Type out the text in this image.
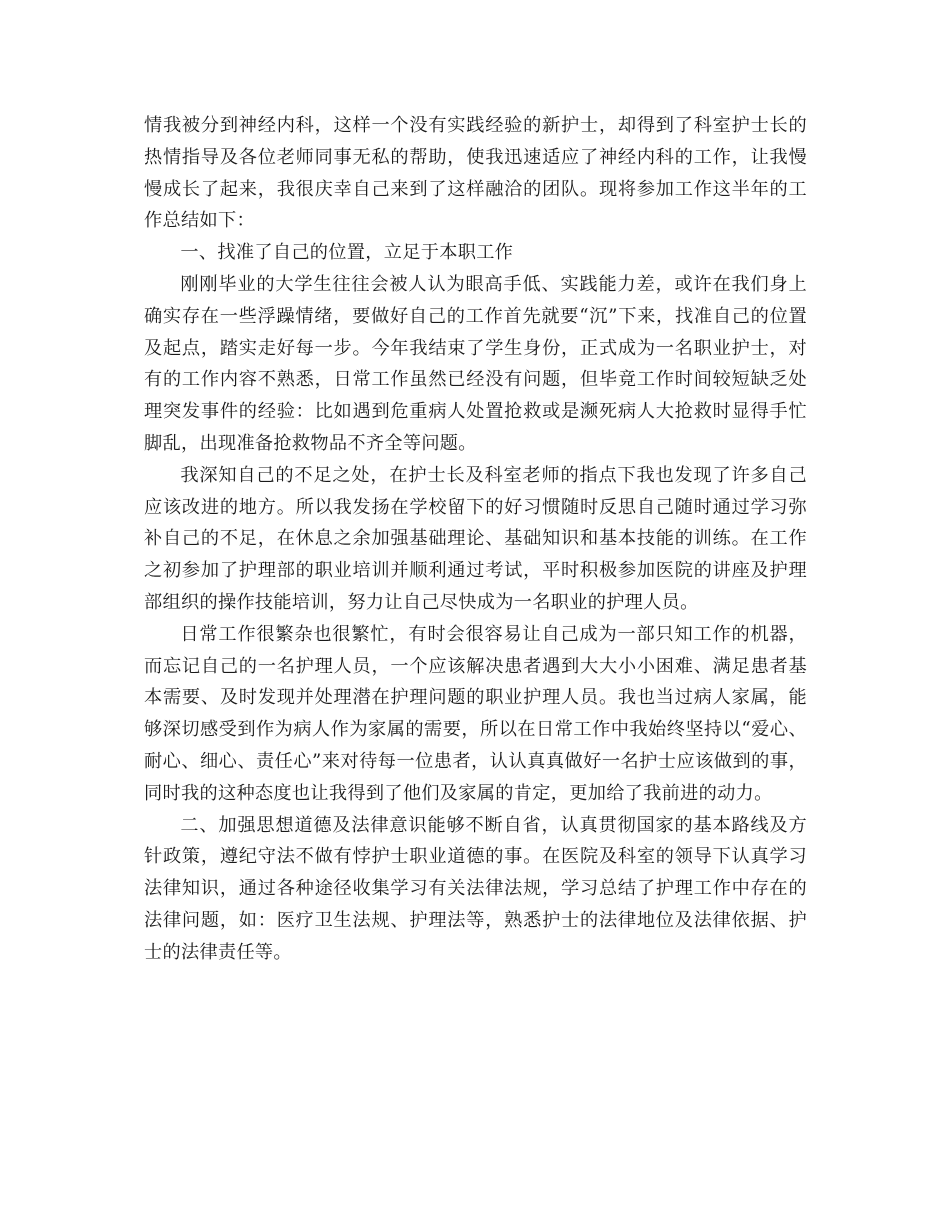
情我被分到神经内科，这样一个没有实践经验的新护士，却得到了科室护士长的热情指导及各位老师同事无私的帮助，使我迅速适应了神经内科的工作，让我慢慢成长了起来，我很庆幸自己来到了这样融洽的团队。现将参加工作这半年的工作总结如下：

一、找准了自己的位置，立足于本职工作

刚刚毕业的大学生往往会被人认为眼高手低、实践能力差，或许在我们身上确实存在一些浮躁情绪，要做好自己的工作首先就要“沉”下来，找准自己的位置及起点，踏实走好每一步。今年我结束了学生身份，正式成为一名职业护士，对有的工作内容不熟悉，日常工作虽然已经没有问题，但毕竟工作时间较短缺乏处理突发事件的经验：比如遇到危重病人处置抢救或是濒死病人大抢救时显得手忙脚乱，出现准备抢救物品不齐全等问题。

我深知自己的不足之处，在护士长及科室老师的指点下我也发现了许多自己应该改进的地方。所以我发扬在学校留下的好习惯随时反思自己随时通过学习弥补自己的不足，在休息之余加强基础理论、基础知识和基本技能的训练。在工作之初参加了护理部的职业培训并顺利通过考试，平时积极参加医院的讲座及护理部组织的操作技能培训，努力让自己尽快成为一名职业的护理人员。

日常工作很繁杂也很繁忙，有时会很容易让自己成为一部只知工作的机器，而忘记自己的一名护理人员，一个应该解决患者遇到大大小小困难、满足患者基本需要、及时发现并处理潜在护理问题的职业护理人员。我也当过病人家属，能够深切感受到作为病人作为家属的需要，所以在日常工作中我始终坚持以“爱心、耐心、细心、责任心”来对待每一位患者，认认真真做好一名护士应该做到的事，同时我的这种态度也让我得到了他们及家属的肯定，更加给了我前进的动力。

二、加强思想道德及法律意识能够不断自省，认真贯彻国家的基本路线及方针政策，遵纪守法不做有悖护士职业道德的事。在医院及科室的领导下认真学习法律知识，通过各种途径收集学习有关法律法规，学习总结了护理工作中存在的法律问题，如：医疗卫生法规、护理法等，熟悉护士的法律地位及法律依据、护士的法律责任等。
